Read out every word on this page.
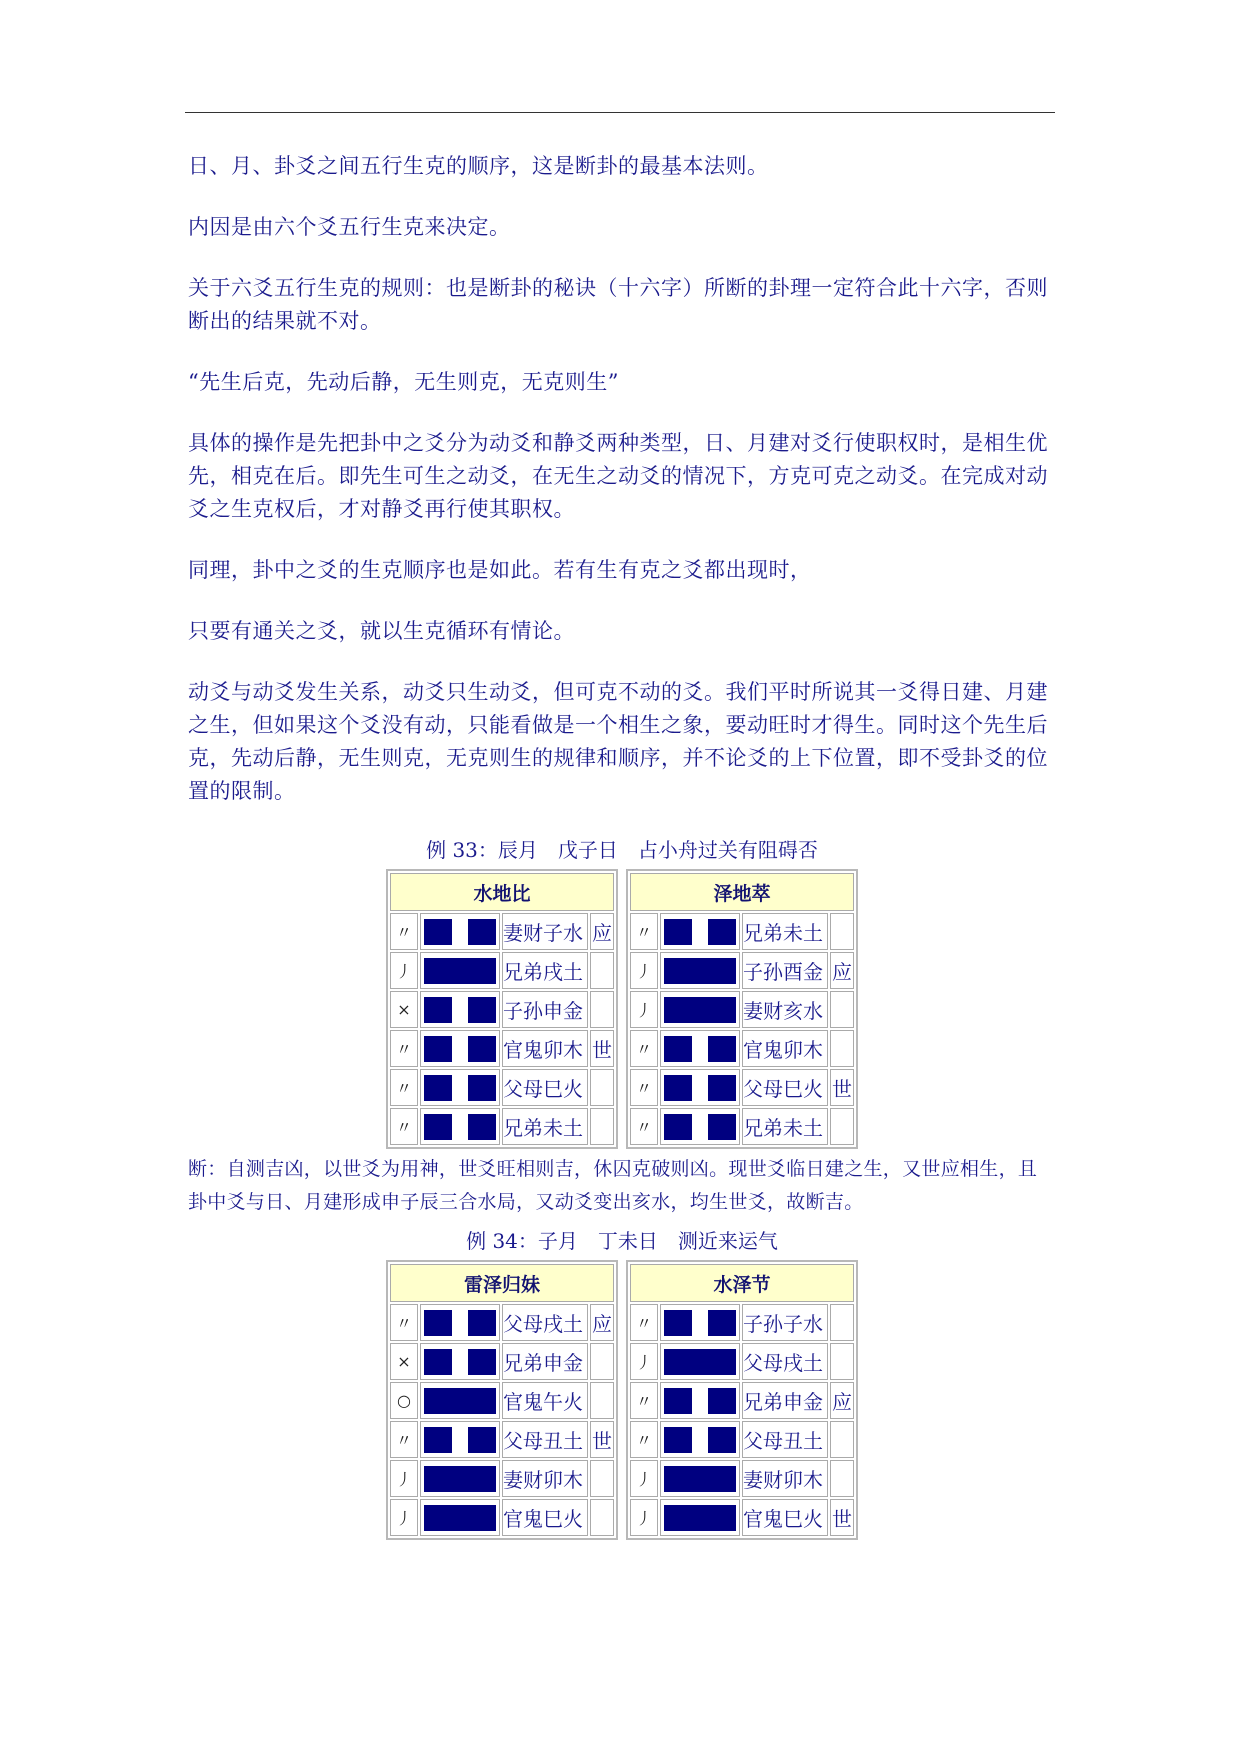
日、月、卦爻之间五行生克的顺序，这是断卦的最基本法则。

内因是由六个爻五行生克来决定。

关于六爻五行生克的规则：也是断卦的秘诀（十六字）所断的卦理一定符合此十六字，否则断出的结果就不对。

“先生后克，先动后静，无生则克，无克则生”

具体的操作是先把卦中之爻分为动爻和静爻两种类型，日、月建对爻行使职权时，是相生优先，相克在后。即先生可生之动爻，在无生之动爻的情况下，方克可克之动爻。在完成对动爻之生克权后，才对静爻再行使其职权。

同理，卦中之爻的生克顺序也是如此。若有生有克之爻都出现时，

只要有通关之爻，就以生克循环有情论。

动爻与动爻发生关系，动爻只生动爻，但可克不动的爻。我们平时所说其一爻得日建、月建之生，但如果这个爻没有动，只能看做是一个相生之象，要动旺时才得生。同时这个先生后克，先动后静，无生则克，无克则生的规律和顺序，并不论爻的上下位置，即不受卦爻的位置的限制。

例 33：辰月　戊子日　占小舟过关有阻碍否

水地比			
〃		妻财子水	应
丿		兄弟戌土	
×		子孙申金	
〃		官鬼卯木	世
〃		父母巳火	
〃		兄弟未土	
泽地萃			
〃		兄弟未土	
丿		子孙酉金	应
丿		妻财亥水	
〃		官鬼卯木	
〃		父母巳火	世
〃		兄弟未土	

断：自测吉凶，以世爻为用神，世爻旺相则吉，休囚克破则凶。现世爻临日建之生，又世应相生，且卦中爻与日、月建形成申子辰三合水局，又动爻变出亥水，均生世爻，故断吉。

例 34：子月　丁未日　测近来运气

雷泽归妹			
〃		父母戌土	应
×		兄弟申金	
○		官鬼午火	
〃		父母丑土	世
丿		妻财卯木	
丿		官鬼巳火	
水泽节			
〃		子孙子水	
丿		父母戌土	
〃		兄弟申金	应
〃		父母丑土	
丿		妻财卯木	
丿		官鬼巳火	世
